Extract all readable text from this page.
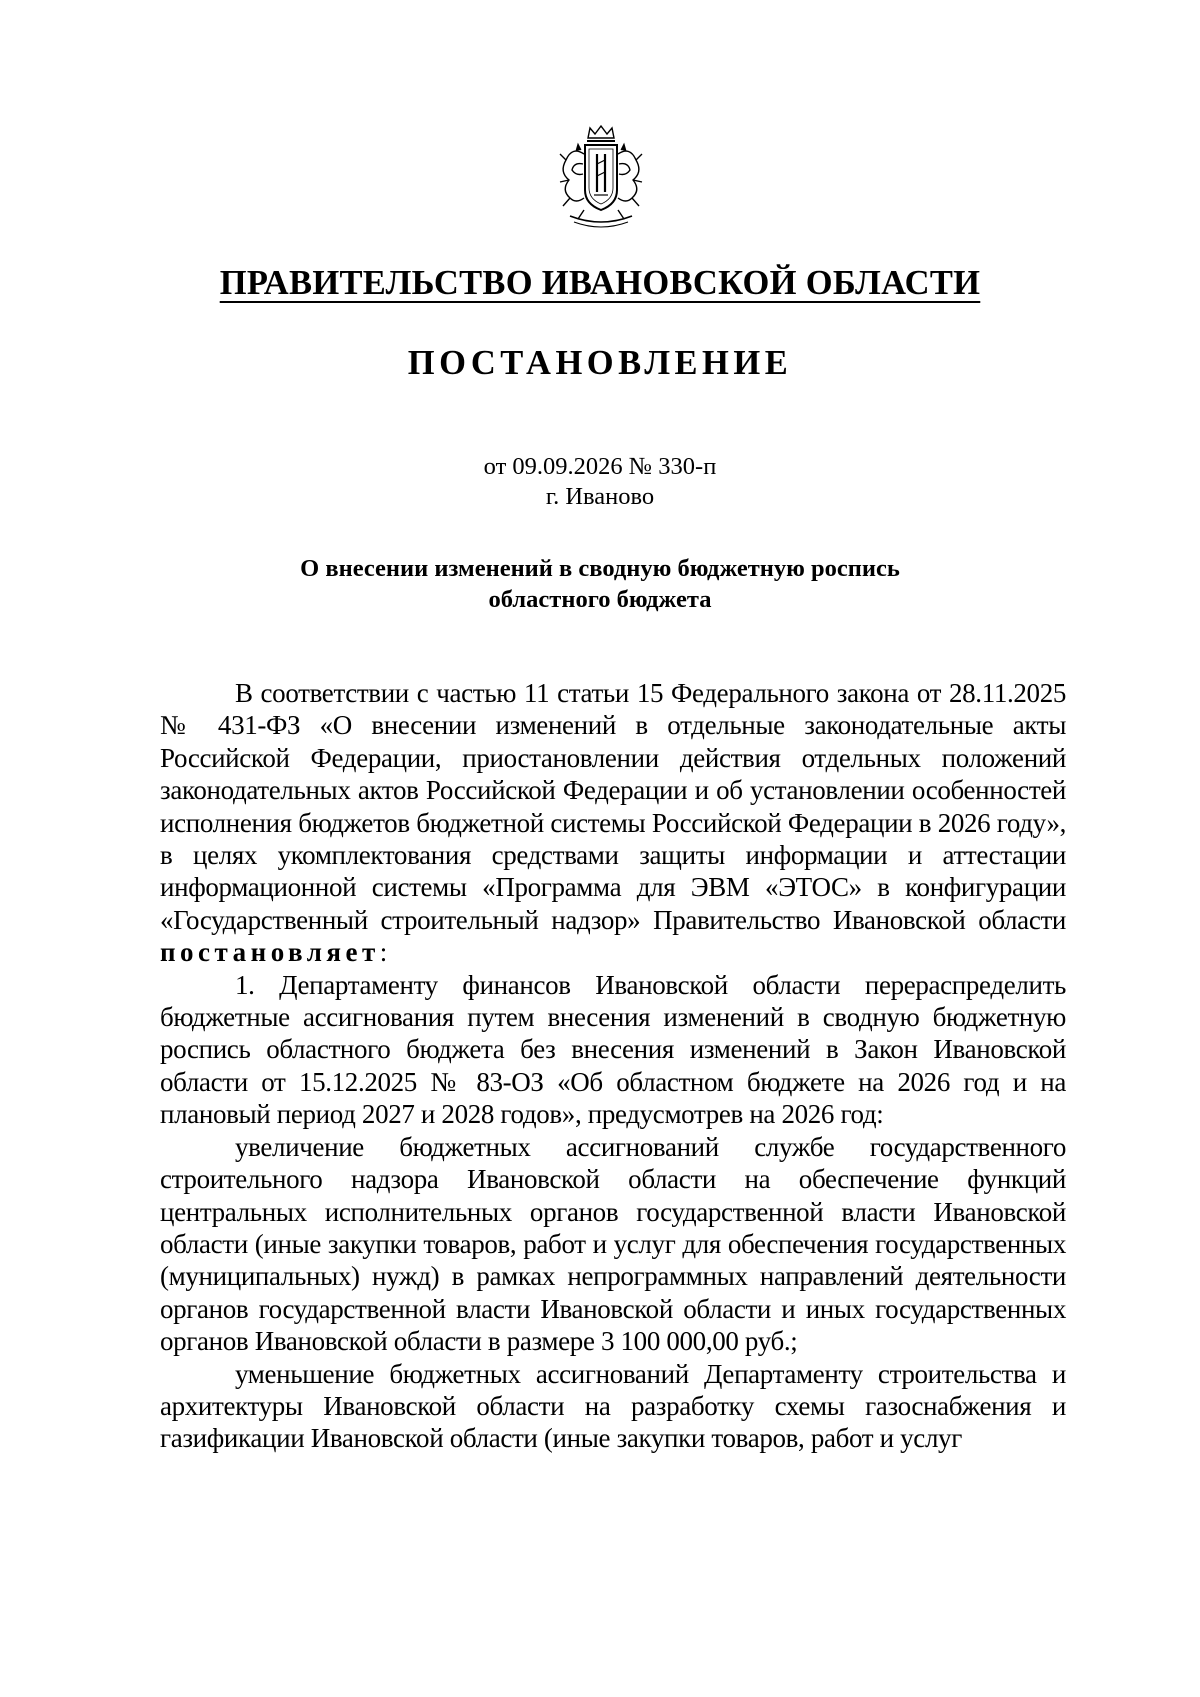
ПРАВИТЕЛЬСТВО ИВАНОВСКОЙ ОБЛАСТИ
ПОСТАНОВЛЕНИЕ
от 09.09.2026 № 330-п
г. Иваново
О внесении изменений в сводную бюджетную роспись
областного бюджета

В соответствии с частью 11 статьи 15 Федерального закона от 28.11.2025 № 431-ФЗ «О внесении изменений в отдельные законодательные акты Российской Федерации, приостановлении действия отдельных положений законодательных актов Российской Федерации и об установлении особенностей исполнения бюджетов бюджетной системы Российской Федерации в 2026 году», в целях укомплектования средствами защиты информации и аттестации информационной системы «Программа для ЭВМ «ЭТОС» в конфигурации «Государственный строительный надзор» Правительство Ивановской области постановляет:

1. Департаменту финансов Ивановской области перераспределить бюджетные ассигнования путем внесения изменений в сводную бюджетную роспись областного бюджета без внесения изменений в Закон Ивановской области от 15.12.2025 № 83-ОЗ «Об областном бюджете на 2026 год и на плановый период 2027 и 2028 годов», предусмотрев на 2026 год:

увеличение бюджетных ассигнований службе государственного строительного надзора Ивановской области на обеспечение функций центральных исполнительных органов государственной власти Ивановской области (иные закупки товаров, работ и услуг для обеспечения государственных (муниципальных) нужд) в рамках непрограммных направлений деятельности органов государственной власти Ивановской области и иных государственных органов Ивановской области в размере 3 100 000,00 руб.;

уменьшение бюджетных ассигнований Департаменту строительства и архитектуры Ивановской области на разработку схемы газоснабжения и газификации Ивановской области (иные закупки товаров, работ и услуг
